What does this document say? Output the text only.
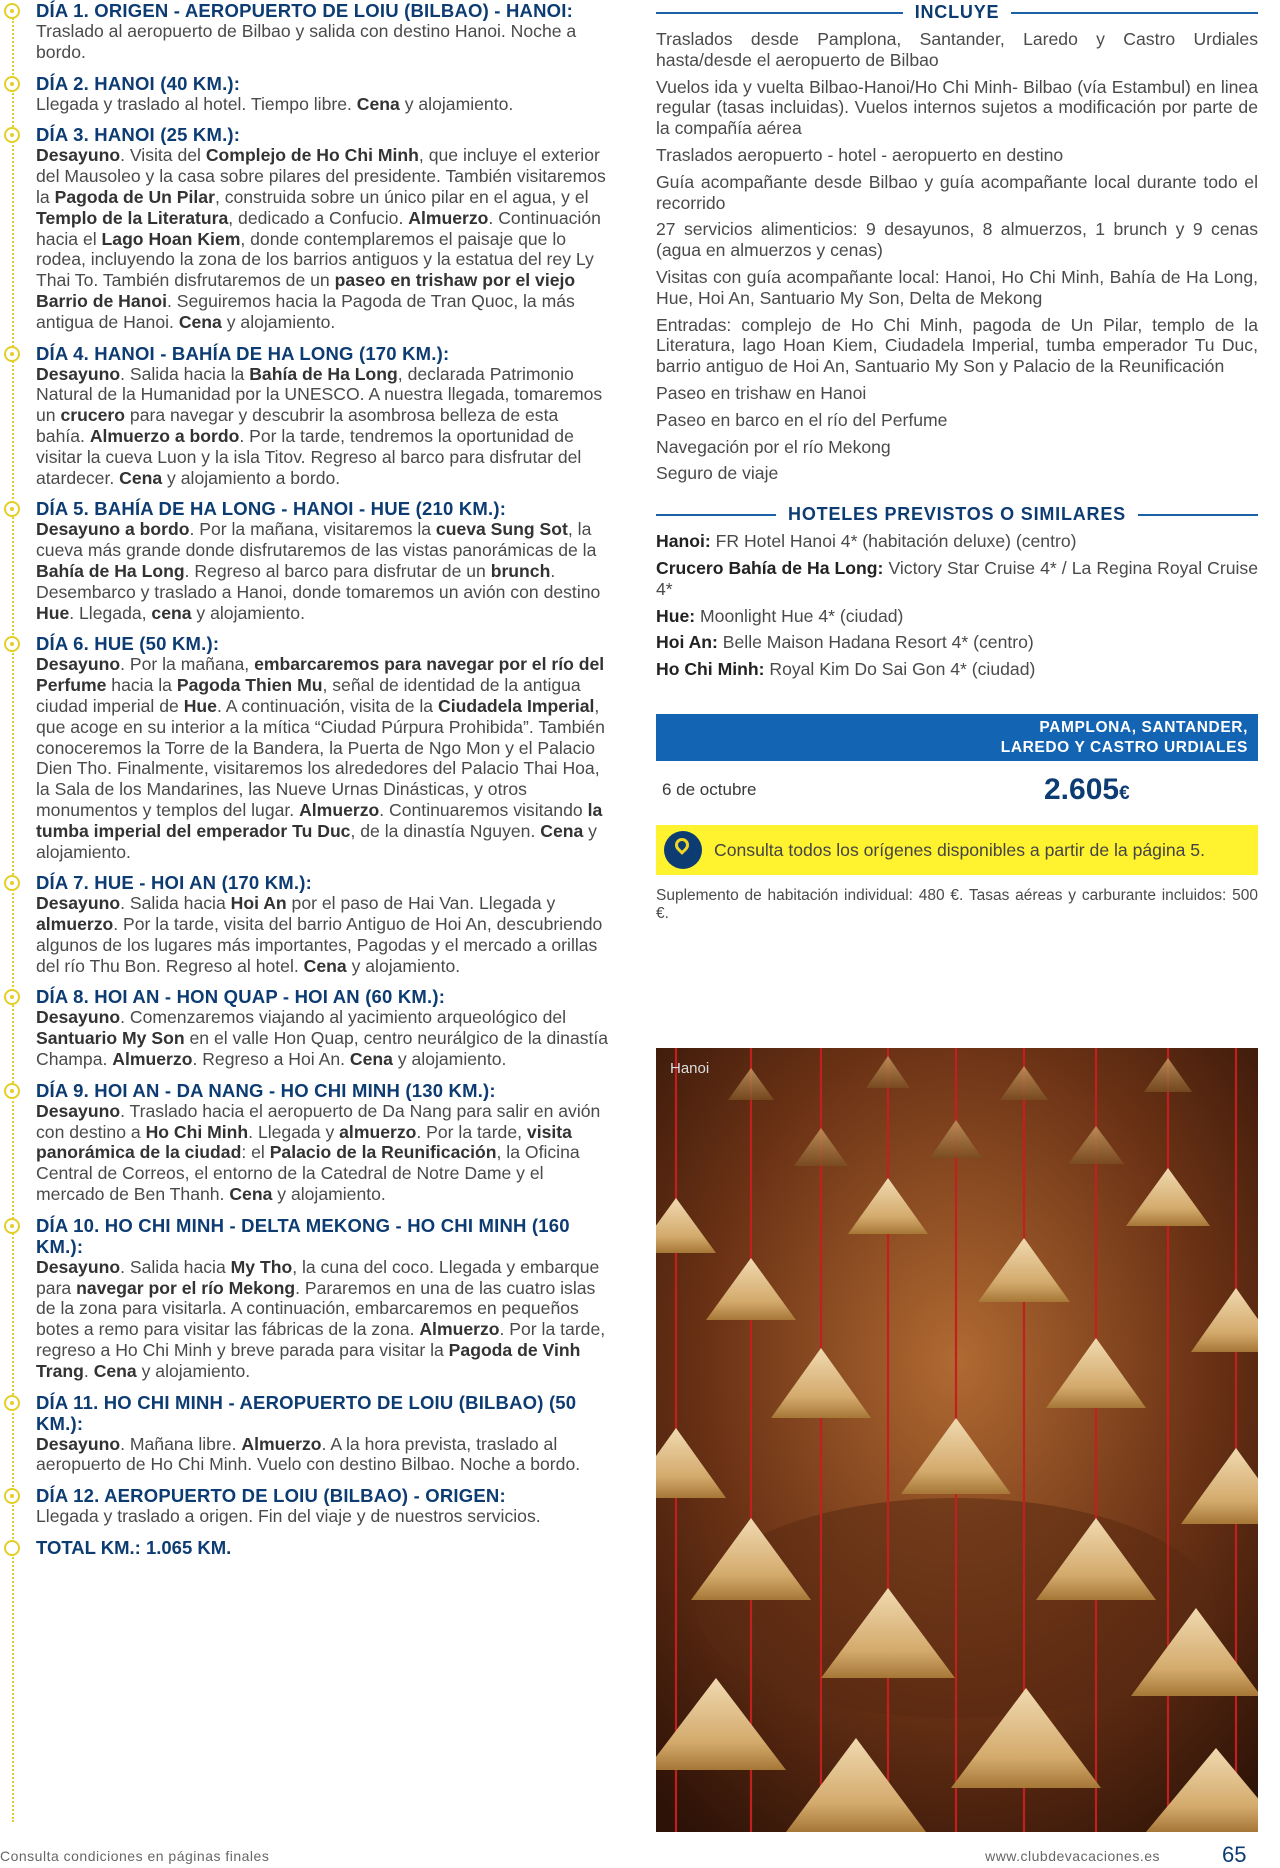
DÍA 1. ORIGEN - AEROPUERTO DE LOIU (BILBAO) - HANOI:

Traslado al aeropuerto de Bilbao y salida con destino Hanoi. Noche a bordo.

DÍA 2. HANOI (40 KM.):

Llegada y traslado al hotel. Tiempo libre. Cena y alojamiento.

DÍA 3. HANOI (25 KM.):

Desayuno. Visita del Complejo de Ho Chi Minh, que incluye el exterior del Mausoleo y la casa sobre pilares del presidente. También visitaremos la Pagoda de Un Pilar, construida sobre un único pilar en el agua, y el Templo de la Literatura, dedicado a Confucio. Almuerzo. Continuación hacia el Lago Hoan Kiem, donde contemplaremos el paisaje que lo rodea, incluyendo la zona de los barrios antiguos y la estatua del rey Ly Thai To. También disfrutaremos de un paseo en trishaw por el viejo Barrio de Hanoi. Seguiremos hacia la Pagoda de Tran Quoc, la más antigua de Hanoi. Cena y alojamiento.

DÍA 4. HANOI - BAHÍA DE HA LONG (170 KM.):

Desayuno. Salida hacia la Bahía de Ha Long, declarada Patrimonio Natural de la Humanidad por la UNESCO. A nuestra llegada, tomaremos un crucero para navegar y descubrir la asombrosa belleza de esta bahía. Almuerzo a bordo. Por la tarde, tendremos la oportunidad de visitar la cueva Luon y la isla Titov. Regreso al barco para disfrutar del atardecer. Cena y alojamiento a bordo.

DÍA 5. BAHÍA DE HA LONG - HANOI - HUE (210 KM.):

Desayuno a bordo. Por la mañana, visitaremos la cueva Sung Sot, la cueva más grande donde disfrutaremos de las vistas panorámicas de la Bahía de Ha Long. Regreso al barco para disfrutar de un brunch. Desembarco y traslado a Hanoi, donde tomaremos un avión con destino Hue. Llegada, cena y alojamiento.

DÍA 6. HUE (50 KM.):

Desayuno. Por la mañana, embarcaremos para navegar por el río del Perfume hacia la Pagoda Thien Mu, señal de identidad de la antigua ciudad imperial de Hue. A continuación, visita de la Ciudadela Imperial, que acoge en su interior a la mítica “Ciudad Púrpura Prohibida”. También conoceremos la Torre de la Bandera, la Puerta de Ngo Mon y el Palacio Dien Tho. Finalmente, visitaremos los alrededores del Palacio Thai Hoa, la Sala de los Mandarines, las Nueve Urnas Dinásticas, y otros monumentos y templos del lugar. Almuerzo. Continuaremos visitando la tumba imperial del emperador Tu Duc, de la dinastía Nguyen. Cena y alojamiento.

DÍA 7. HUE - HOI AN (170 KM.):

Desayuno. Salida hacia Hoi An por el paso de Hai Van. Llegada y almuerzo. Por la tarde, visita del barrio Antiguo de Hoi An, descubriendo algunos de los lugares más importantes, Pagodas y el mercado a orillas del río Thu Bon. Regreso al hotel. Cena y alojamiento.

DÍA 8. HOI AN - HON QUAP - HOI AN (60 KM.):

Desayuno. Comenzaremos viajando al yacimiento arqueológico del Santuario My Son en el valle Hon Quap, centro neurálgico de la dinastía Champa. Almuerzo. Regreso a Hoi An. Cena y alojamiento.

DÍA 9. HOI AN - DA NANG - HO CHI MINH (130 KM.):

Desayuno. Traslado hacia el aeropuerto de Da Nang para salir en avión con destino a Ho Chi Minh. Llegada y almuerzo. Por la tarde, visita panorámica de la ciudad: el Palacio de la Reunificación, la Oficina Central de Correos, el entorno de la Catedral de Notre Dame y el mercado de Ben Thanh. Cena y alojamiento.

DÍA 10. HO CHI MINH - DELTA MEKONG - HO CHI MINH (160 KM.):

Desayuno. Salida hacia My Tho, la cuna del coco. Llegada y embarque para navegar por el río Mekong. Pararemos en una de las cuatro islas de la zona para visitarla. A continuación, embarcaremos en pequeños botes a remo para visitar las fábricas de la zona. Almuerzo. Por la tarde, regreso a Ho Chi Minh y breve parada para visitar la Pagoda de Vinh Trang. Cena y alojamiento.

DÍA 11. HO CHI MINH - AEROPUERTO DE LOIU (BILBAO) (50 KM.):

Desayuno. Mañana libre. Almuerzo. A la hora prevista, traslado al aeropuerto de Ho Chi Minh. Vuelo con destino Bilbao. Noche a bordo.

DÍA 12. AEROPUERTO DE LOIU (BILBAO) - ORIGEN:

Llegada y traslado a origen. Fin del viaje y de nuestros servicios.

TOTAL KM.: 1.065 KM.
INCLUYE
Traslados desde Pamplona, Santander, Laredo y Castro Urdiales hasta/desde el aeropuerto de Bilbao
Vuelos ida y vuelta Bilbao-Hanoi/Ho Chi Minh- Bilbao (vía Estambul) en linea regular (tasas incluidas). Vuelos internos sujetos a modificación por parte de la compañía aérea
Traslados aeropuerto - hotel - aeropuerto en destino
Guía acompañante desde Bilbao y guía acompañante local durante todo el recorrido
27 servicios alimenticios: 9 desayunos, 8 almuerzos, 1 brunch y 9 cenas (agua en almuerzos y cenas)
Visitas con guía acompañante local: Hanoi, Ho Chi Minh, Bahía de Ha Long, Hue, Hoi An, Santuario My Son, Delta de Mekong
Entradas: complejo de Ho Chi Minh, pagoda de Un Pilar, templo de la Literatura, lago Hoan Kiem, Ciudadela Imperial, tumba emperador Tu Duc, barrio antiguo de Hoi An, Santuario My Son y Palacio de la Reunificación
Paseo en trishaw en Hanoi
Paseo en barco en el río del Perfume
Navegación por el río Mekong
Seguro de viaje
HOTELES PREVISTOS O SIMILARES
Hanoi: FR Hotel Hanoi 4* (habitación deluxe) (centro)
Crucero Bahía de Ha Long: Victory Star Cruise 4* / La Regina Royal Cruise 4*
Hue: Moonlight Hue 4* (ciudad)
Hoi An: Belle Maison Hadana Resort 4* (centro)
Ho Chi Minh: Royal Kim Do Sai Gon 4* (ciudad)
PAMPLONA, SANTANDER,
LAREDO Y CASTRO URDIALES
6 de octubre	2.605€
Consulta todos los orígenes disponibles a partir de la página 5.
Suplemento de habitación individual: 480 €. Tasas aéreas y carburante incluidos: 500 €.
Hanoi
Consulta condiciones en páginas finales	www.clubdevacaciones.es	65
